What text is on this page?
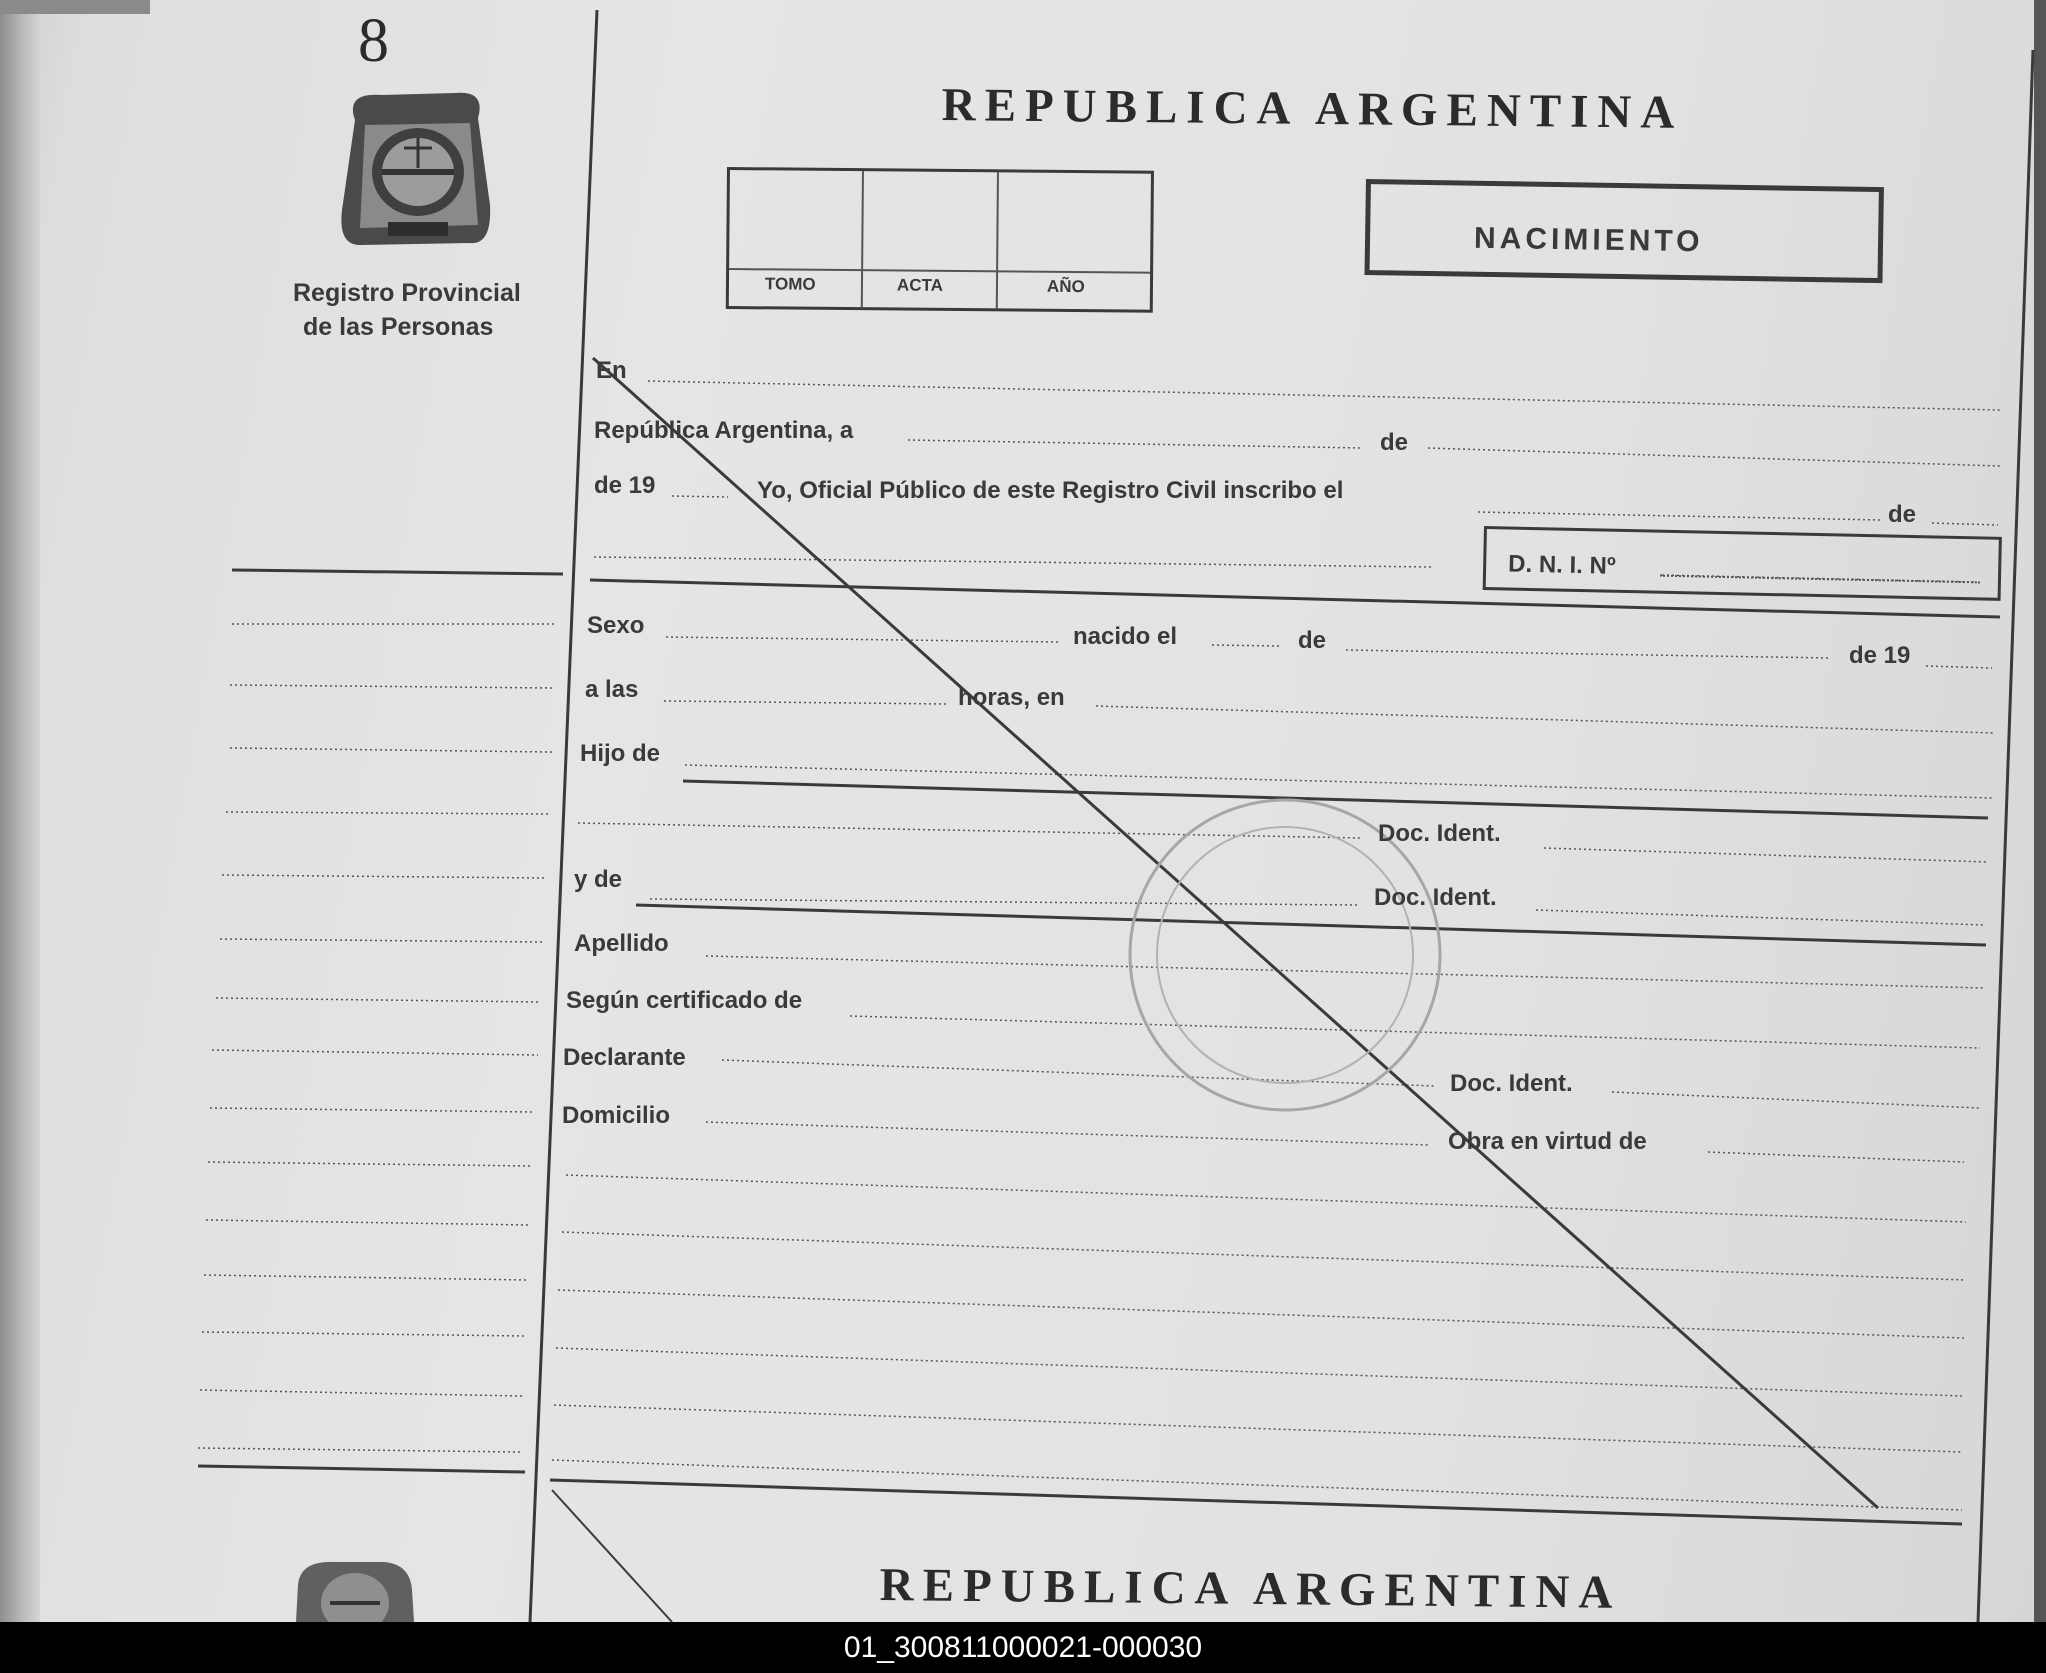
8
Registro Provincial
de las Personas
REPUBLICA ARGENTINA
TOMO	ACTA	AÑO
NACIMIENTO
En
República Argentina, a	de
de 19	Yo, Oficial Público de este Registro Civil inscribo el
de
D. N. I. Nº
Sexo	nacido el	de
de 19
a las	horas, en
Hijo de
Doc. Ident.
y de
Doc. Ident.
Apellido
Según certificado de
Declarante
Doc. Ident.
Domicilio
Obra en virtud de
REPUBLICA ARGENTINA
01_300811000021-000030
